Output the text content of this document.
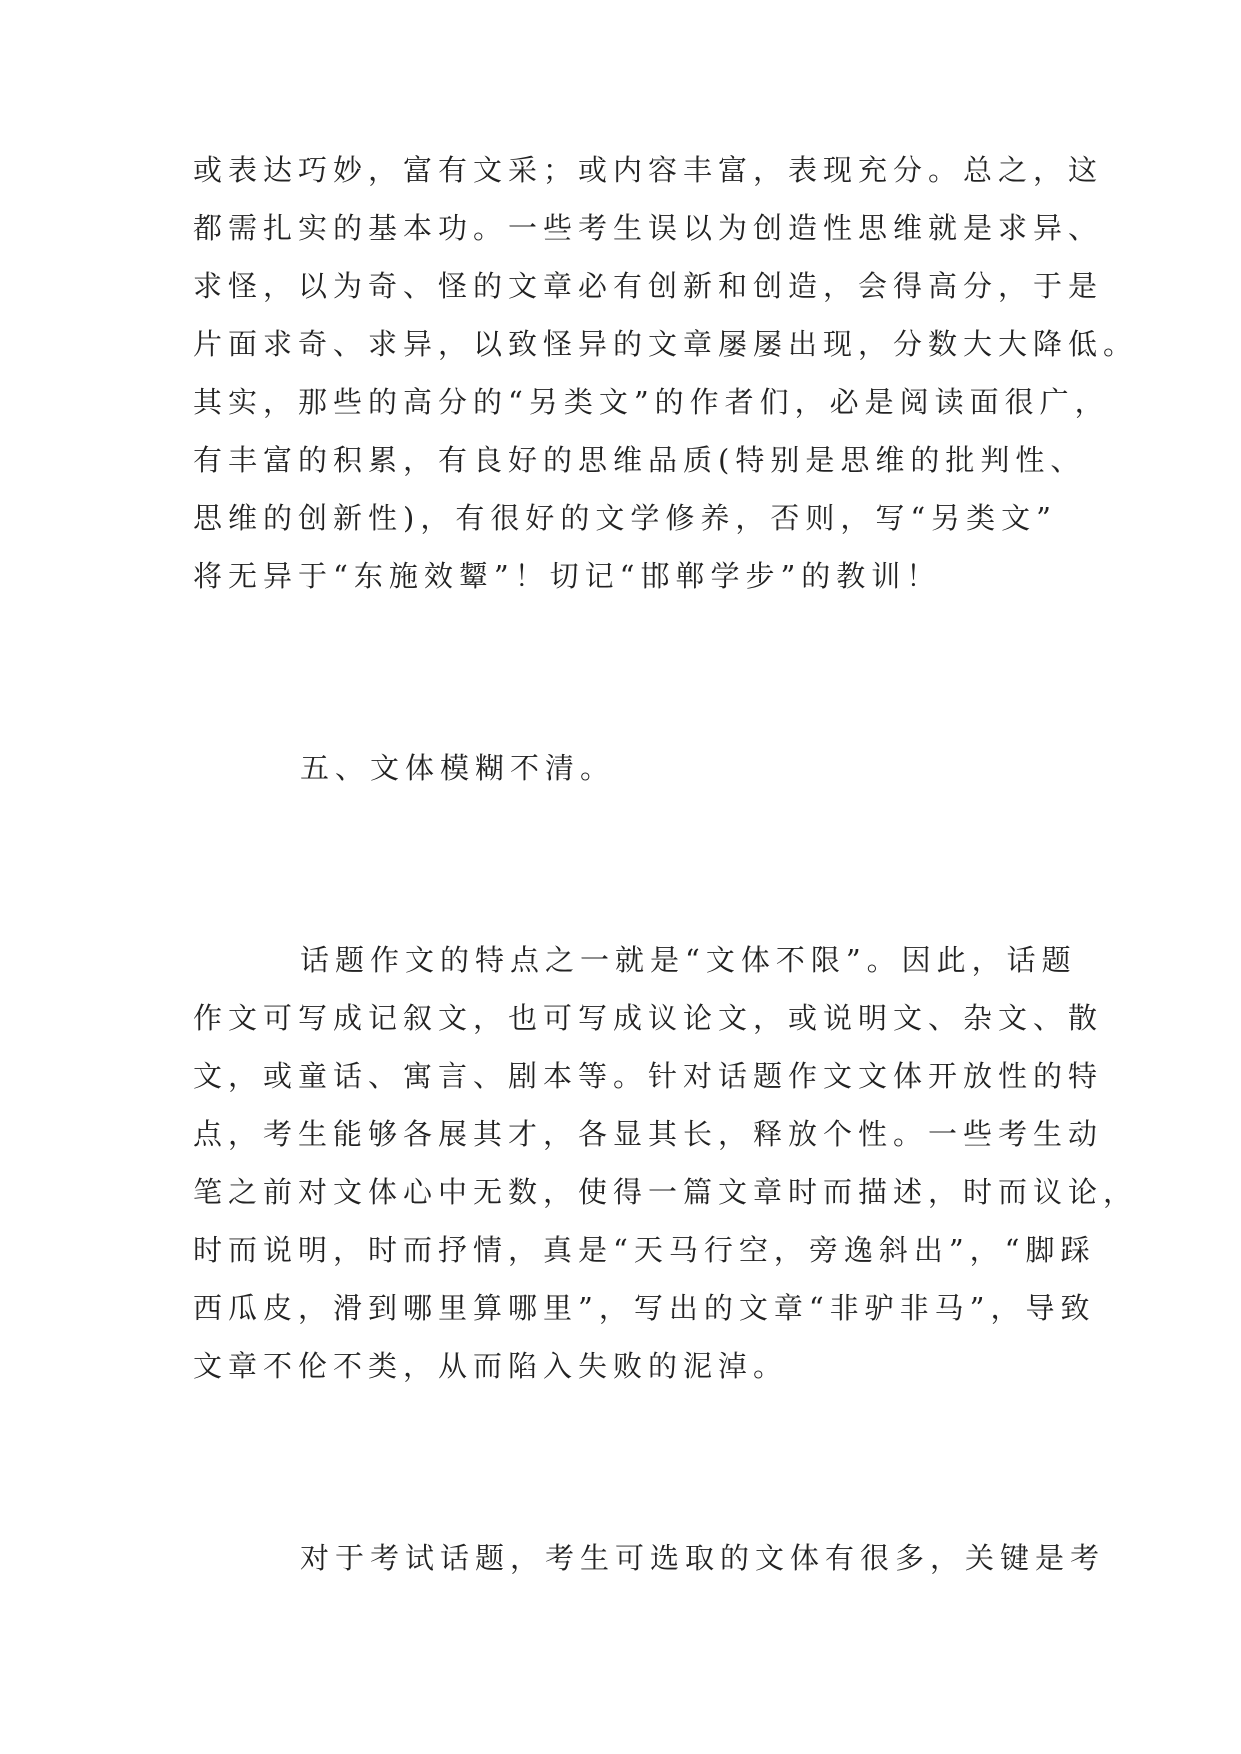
或表达巧妙，富有文采；或内容丰富，表现充分。总之，这
都需扎实的基本功。一些考生误以为创造性思维就是求异、
求怪，以为奇、怪的文章必有创新和创造，会得高分，于是
片面求奇、求异，以致怪异的文章屡屡出现，分数大大降低。
其实，那些的高分的“另类文”的作者们，必是阅读面很广，
有丰富的积累，有良好的思维品质(特别是思维的批判性、
思维的创新性)，有很好的文学修养，否则，写“另类文”
将无异于“东施效颦”！切记“邯郸学步”的教训！
五、文体模糊不清。
话题作文的特点之一就是“文体不限”。因此，话题
作文可写成记叙文，也可写成议论文，或说明文、杂文、散
文，或童话、寓言、剧本等。针对话题作文文体开放性的特
点，考生能够各展其才，各显其长，释放个性。一些考生动
笔之前对文体心中无数，使得一篇文章时而描述，时而议论，
时而说明，时而抒情，真是“天马行空，旁逸斜出”，“脚踩
西瓜皮，滑到哪里算哪里”，写出的文章“非驴非马”，导致
文章不伦不类，从而陷入失败的泥淖。
对于考试话题，考生可选取的文体有很多，关键是考
